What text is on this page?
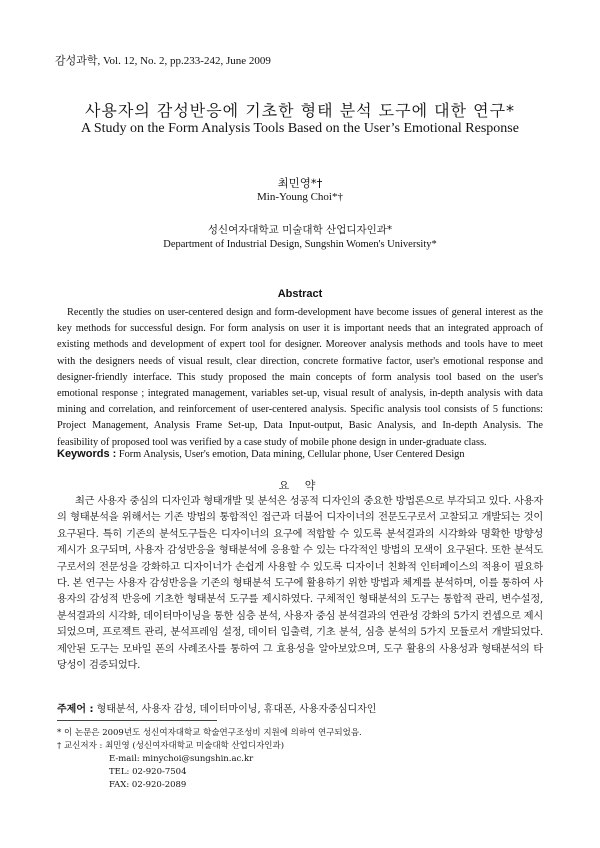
감성과학, Vol. 12, No. 2, pp.233-242, June 2009
사용자의 감성반응에 기초한 형태 분석 도구에 대한 연구*
A Study on the Form Analysis Tools Based on the User’s Emotional Response
최민영*†
Min-Young Choi*†
성신여자대학교 미술대학 산업디자인과*
Department of Industrial Design, Sungshin Women's University*
Abstract

Recently the studies on user-centered design and form-development have become issues of general interest as the key methods for successful design. For form analysis on user it is important needs that an integrated approach of existing methods and development of expert tool for designer. Moreover analysis methods and tools have to meet with the designers needs of visual result, clear direction, concrete formative factor, user's emotional response and designer-friendly interface. This study proposed the main concepts of form analysis tool based on the user's emotional response ; integrated management, variables set-up, visual result of analysis, in-depth analysis with data mining and correlation, and reinforcement of user-centered analysis. Specific analysis tool consists of 5 functions: Project Management, Analysis Frame Set-up, Data Input-output, Basic Analysis, and In-depth Analysis. The feasibility of proposed tool was verified by a case study of mobile phone design in under-graduate class.

Keywords : Form Analysis, User's emotion, Data mining, Cellular phone, User Centered Design
요 약

최근 사용자 중심의 디자인과 형태개발 및 분석은 성공적 디자인의 중요한 방법론으로 부각되고 있다. 사용자의 형태분석을 위해서는 기존 방법의 통합적인 접근과 더불어 디자이너의 전문도구로서 고찰되고 개발되는 것이 요구된다. 특히 기존의 분석도구들은 디자이너의 요구에 적합할 수 있도록 분석결과의 시각화와 명확한 방향성 제시가 요구되며, 사용자 감성반응을 형태분석에 응용할 수 있는 다각적인 방법의 모색이 요구된다. 또한 분석도구로서의 전문성을 강화하고 디자이너가 손쉽게 사용할 수 있도록 디자이너 친화적 인터페이스의 적용이 필요하다. 본 연구는 사용자 감성반응을 기존의 형태분석 도구에 활용하기 위한 방법과 체계를 분석하며, 이를 통하여 사용자의 감성적 반응에 기초한 형태분석 도구를 제시하였다. 구체적인 형태분석의 도구는 통합적 관리, 변수설정, 분석결과의 시각화, 데이터마이닝을 통한 심층 분석, 사용자 중심 분석결과의 연관성 강화의 5가지 컨셉으로 제시되었으며, 프로젝트 관리, 분석프레임 설정, 데이터 입출력, 기초 분석, 심층 분석의 5가지 모듈로서 개발되었다. 제안된 도구는 모바일 폰의 사례조사를 통하여 그 효용성을 알아보았으며, 도구 활용의 사용성과 형태분석의 타당성이 검증되었다.

주제어 : 형태분석, 사용자 감성, 데이터마이닝, 휴대폰, 사용자중심디자인
* 이 논문은 2009년도 성신여자대학교 학술연구조성비 지원에 의하여 연구되었음.
† 교신저자 : 최민영 (성신여자대학교 미술대학 산업디자인과)
E-mail: minychoi@sungshin.ac.kr
TEL: 02-920-7504
FAX: 02-920-2089
